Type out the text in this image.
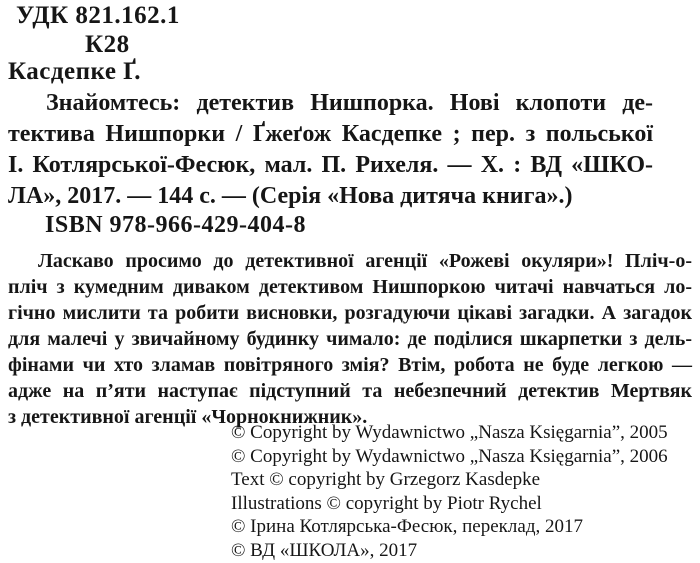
УДК 821.162.1
К28
Касдепке Ґ.
Знайомтесь: детектив Нишпорка. Нові клопоти де-
тектива Нишпорки / Ґжеґож Касдепке ; пер. з польської
І. Котлярської-Фесюк, мал. П. Рихеля. — Х. : ВД «ШКО-
ЛА», 2017. — 144 с. — (Серія «Нова дитяча книга».)
ISBN 978-966-429-404-8
Ласкаво просимо до детективної агенції «Рожеві окуляри»! Пліч-о-
пліч з кумедним диваком детективом Нишпоркою читачі навчаться ло-
гічно мислити та робити висновки, розгадуючи цікаві загадки. А загадок
для малечі у звичайному будинку чимало: де поділися шкарпетки з дель-
фінами чи хто зламав повітряного змія? Втім, робота не буде легкою —
адже на п’яти наступає підступний та небезпечний детектив Мертвяк
з детективної агенції «Чорнокнижник».
© Copyright by Wydawnictwo „Nasza Księgarnia”, 2005
© Copyright by Wydawnictwo „Nasza Księgarnia”, 2006
Text © copyright by Grzegorz Kasdepke
Illustrations © copyright by Piotr Rychel
© Ірина Котлярська-Фесюк, переклад, 2017
© ВД «ШКОЛА», 2017
